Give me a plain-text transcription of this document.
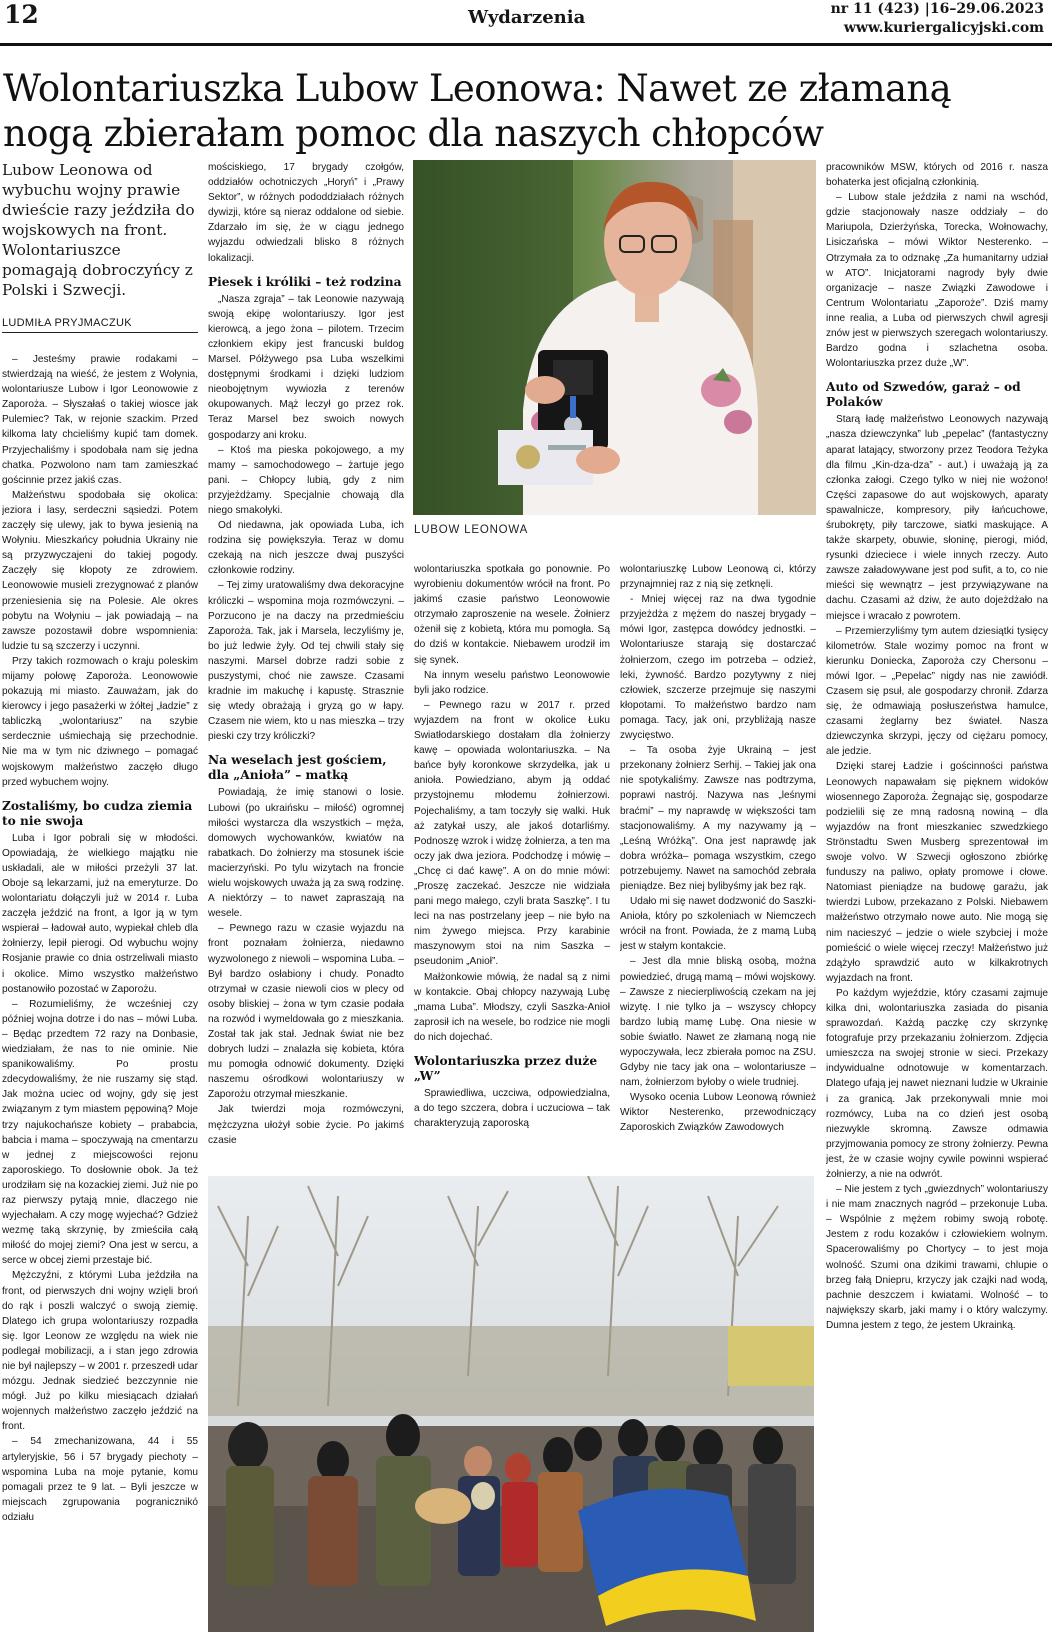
12	Wydarzenia	nr 11 (423) |16–29.06.2023
www.kuriergalicyjski.com
Wolontariuszka Lubow Leonowa: Nawet ze złamaną nogą zbierałam pomoc dla naszych chłopców

Lubow Leonowa od wybuchu wojny prawie dwieście razy jeździła do wojskowych na front. Wolontariuszce pomagają dobroczyńcy z Polski i Szwecji.

LUDMIŁA PRYJMACZUK

– Jesteśmy prawie rodakami – stwierdzają na wieść, że jestem z Wołynia, wolontariusze Lubow i Igor Leonowowie z Zaporoża. – Słyszałaś o takiej wiosce jak Pulemiec? Tak, w rejonie szackim. Przed kilkoma laty chcieliśmy kupić tam domek. Przyjechaliśmy i spodobała nam się jedna chatka. Pozwolono nam tam zamieszkać gościnnie przez jakiś czas.

Małżeństwu spodobała się okolica: jeziora i lasy, serdeczni sąsiedzi. Potem zaczęły się ulewy, jak to bywa jesienią na Wołyniu. Mieszkańcy południa Ukrainy nie są przyzwyczajeni do takiej pogody. Zaczęły się kłopoty ze zdrowiem. Leonowowie musieli zrezygnować z planów przeniesienia się na Polesie. Ale okres pobytu na Wołyniu – jak powiadają – na zawsze pozostawił dobre wspomnienia: ludzie tu są szczerzy i uczynni.

Przy takich rozmowach o kraju poleskim mijamy połowę Zaporoża. Leonowowie pokazują mi miasto. Zauważam, jak do kierowcy i jego pasażerki w żółtej „ładzie” z tabliczką „wolontariusz” na szybie serdecznie uśmiechają się przechodnie. Nie ma w tym nic dziwnego – pomagać wojskowym małżeństwo zaczęło długo przed wybuchem wojny.

Zostaliśmy, bo cudza ziemia to nie swoja

Luba i Igor pobrali się w młodości. Opowiadają, że wielkiego majątku nie uskładali, ale w miłości przeżyli 37 lat. Oboje są lekarzami, już na emeryturze. Do wolontariatu dołączyli już w 2014 r. Luba zaczęła jeździć na front, a Igor ją w tym wspierał – ładował auto, wypiekał chleb dla żołnierzy, lepił pierogi. Od wybuchu wojny Rosjanie prawie co dnia ostrzeliwali miasto i okolice. Mimo wszystko małżeństwo postanowiło pozostać w Zaporożu.

– Rozumieliśmy, że wcześniej czy później wojna dotrze i do nas – mówi Luba. – Będąc przedtem 72 razy na Donbasie, wiedziałam, że nas to nie ominie. Nie spanikowaliśmy. Po prostu zdecydowaliśmy, że nie ruszamy się stąd. Jak można uciec od wojny, gdy się jest związanym z tym miastem pępowiną? Moje trzy najukochańsze kobiety – prababcia, babcia i mama – spoczywają na cmentarzu w jednej z miejscowości rejonu zaporoskiego. To dosłownie obok. Ja też urodziłam się na kozackiej ziemi. Już nie po raz pierwszy pytają mnie, dlaczego nie wyjechałam. A czy mogę wyjechać? Gdzież wezmę taką skrzynię, by zmieściła całą miłość do mojej ziemi? Ona jest w sercu, a serce w obcej ziemi przestaje bić.

Mężczyźni, z którymi Luba jeździła na front, od pierwszych dni wojny wzięli broń do rąk i poszli walczyć o swoją ziemię. Dlatego ich grupa wolontariuszy rozpadła się. Igor Leonow ze względu na wiek nie podlegał mobilizacji, a i stan jego zdrowia nie był najlepszy – w 2001 r. przeszedł udar mózgu. Jednak siedzieć bezczynnie nie mógł. Już po kilku miesiącach działań wojennych małżeństwo zaczęło jeździć na front.

– 54 zmechanizowana, 44 i 55 artyleryjskie, 56 i 57 brygady piechoty – wspomina Luba na moje pytanie, komu pomagali przez te 9 lat. – Byli jeszcze w miejscach zgrupowania pogranicznikó odziału

mościskiego, 17 brygady czołgów, oddziałów ochotniczych „Horyń” i „Prawy Sektor”, w różnych pododdziałach różnych dywizji, które są nieraz oddalone od siebie. Zdarzało im się, że w ciągu jednego wyjazdu odwiedzali blisko 8 różnych lokalizacji.

Piesek i króliki – też rodzina

„Nasza zgraja” – tak Leonowie nazywają swoją ekipę wolontariuszy. Igor jest kierowcą, a jego żona – pilotem. Trzecim członkiem ekipy jest francuski buldog Marsel. Półżywego psa Luba wszelkimi dostępnymi środkami i dzięki ludziom nieobojętnym wywiozła z terenów okupowanych. Mąż leczył go przez rok. Teraz Marsel bez swoich nowych gospodarzy ani kroku.

– Ktoś ma pieska pokojowego, a my mamy – samochodowego – żartuje jego pani. – Chłopcy lubią, gdy z nim przyjeżdżamy. Specjalnie chowają dla niego smakołyki.

Od niedawna, jak opowiada Luba, ich rodzina się powiększyła. Teraz w domu czekają na nich jeszcze dwaj puszyści członkowie rodziny.

– Tej zimy uratowaliśmy dwa dekoracyjne króliczki – wspomina moja rozmówczyni. – Porzucono je na daczy na przedmieściu Zaporoża. Tak, jak i Marsela, leczyliśmy je, bo już ledwie żyły. Od tej chwili stały się naszymi. Marsel dobrze radzi sobie z puszystymi, choć nie zawsze. Czasami kradnie im makuchę i kapustę. Strasznie się wtedy obrażają i gryzą go w łapy. Czasem nie wiem, kto u nas mieszka – trzy pieski czy trzy króliczki?

Na weselach jest gościem, dla „Anioła” – matką

Powiadają, że imię stanowi o losie. Lubowi (po ukraińsku – miłość) ogromnej miłości wystarcza dla wszystkich – męża, domowych wychowanków, kwiatów na rabatkach. Do żołnierzy ma stosunek iście macierzyński. Po tylu wizytach na froncie wielu wojskowych uważa ją za swą rodzinę. A niektórzy – to nawet zapraszają na wesele.

– Pewnego razu w czasie wyjazdu na front poznałam żołnierza, niedawno wyzwolonego z niewoli – wspomina Luba. – Był bardzo osłabiony i chudy. Ponadto otrzymał w czasie niewoli cios w plecy od osoby bliskiej – żona w tym czasie podała na rozwód i wymeldowała go z mieszkania. Został tak jak stał. Jednak świat nie bez dobrych ludzi – znalazła się kobieta, która mu pomogła odnowić dokumenty. Dzięki naszemu ośrodkowi wolontariuszy w Zaporożu otrzymał mieszkanie.

Jak twierdzi moja rozmówczyni, mężczyzna ułożył sobie życie. Po jakimś czasie

LUBOW LEONOWA

wolontariuszka spotkała go ponownie. Po wyrobieniu dokumentów wrócił na front. Po jakimś czasie państwo Leonowowie otrzymało zaproszenie na wesele. Żołnierz ożenił się z kobietą, która mu pomogła. Są do dziś w kontakcie. Niebawem urodził im się synek.

Na innym weselu państwo Leonowowie byli jako rodzice.

– Pewnego razu w 2017 r. przed wyjazdem na front w okolice Łuku Swiatłodarskiego dostałam dla żołnierzy kawę – opowiada wolontariuszka. – Na bańce były koronkowe skrzydełka, jak u anioła. Powiedziano, abym ją oddać przystojnemu młodemu żołnierzowi. Pojechaliśmy, a tam toczyły się walki. Huk aż zatykał uszy, ale jakoś dotarliśmy. Podnoszę wzrok i widzę żołnierza, a ten ma oczy jak dwa jeziora. Podchodzę i mówię – „Chcę ci dać kawę”. A on do mnie mówi: „Proszę zaczekać. Jeszcze nie widziała pani mego małego, czyli brata Saszkę”. I tu leci na nas postrzelany jeep – nie było na nim żywego miejsca. Przy karabinie maszynowym stoi na nim Saszka – pseudonim „Anioł”.

Małżonkowie mówią, że nadal są z nimi w kontakcie. Obaj chłopcy nazywają Lubę „mama Luba”. Młodszy, czyli Saszka-Anioł zaprosił ich na wesele, bo rodzice nie mogli do nich dojechać.

Wolontariuszka przez duże „W”

Sprawiedliwa, uczciwa, odpowiedzialna, a do tego szczera, dobra i uczuciowa – tak charakteryzują zaporoską

wolontariuszkę Lubow Leonową ci, którzy przynajmniej raz z nią się zetknęli.

- Mniej więcej raz na dwa tygodnie przyjeżdża z mężem do naszej brygady – mówi Igor, zastępca dowódcy jednostki. – Wolontariusze starają się dostarczać żołnierzom, czego im potrzeba – odzież, leki, żywność. Bardzo pozytywny z niej człowiek, szczerze przejmuje się naszymi kłopotami. To małżeństwo bardzo nam pomaga. Tacy, jak oni, przybliżają nasze zwycięstwo.

– Ta osoba żyje Ukrainą – jest przekonany żołnierz Serhij. – Takiej jak ona nie spotykaliśmy. Zawsze nas podtrzyma, poprawi nastrój. Nazywa nas „leśnymi braćmi” – my naprawdę w większości tam stacjonowaliśmy. A my nazywamy ją – „Leśną Wróżką”. Ona jest naprawdę jak dobra wróżka– pomaga wszystkim, czego potrzebujemy. Nawet na samochód zebrała pieniądze. Bez niej bylibyśmy jak bez rąk.

Udało mi się nawet dodzwonić do Saszki-Anioła, który po szkoleniach w Niemczech wrócił na front. Powiada, że z mamą Lubą jest w stałym kontakcie.

– Jest dla mnie bliską osobą, można powiedzieć, drugą mamą – mówi wojskowy. – Zawsze z niecierpliwością czekam na jej wizytę. I nie tylko ja – wszyscy chłopcy bardzo lubią mamę Lubę. Ona niesie w sobie światło. Nawet ze złamaną nogą nie wypoczywała, lecz zbierała pomoc na ZSU. Gdyby nie tacy jak ona – wolontariusze – nam, żołnierzom byłoby o wiele trudniej.

Wysoko ocenia Lubow Leonową również Wiktor Nesterenko, przewodniczący Zaporoskich Związków Zawodowych

pracowników MSW, których od 2016 r. nasza bohaterka jest oficjalną członkinią.

– Lubow stale jeździła z nami na wschód, gdzie stacjonowały nasze oddziały – do Mariupola, Dzierżyńska, Torecka, Wołnowachy, Lisiczańska – mówi Wiktor Nesterenko. – Otrzymała za to odznakę „Za humanitarny udział w ATO”. Inicjatorami nagrody były dwie organizacje – nasze Związki Zawodowe i Centrum Wolontariatu „Zaporoże”. Dziś mamy inne realia, a Luba od pierwszych chwil agresji znów jest w pierwszych szeregach wolontariuszy. Bardzo godna i szlachetna osoba. Wolontariuszka przez duże „W”.

Auto od Szwedów, garaż – od Polaków

Starą ładę małżeństwo Leonowych nazywają „nasza dziewczynka” lub „pepelac” (fantastyczny aparat latający, stworzony przez Teodora Teżyka dla filmu „Kin-dza-dza” - aut.) i uważają ją za członka załogi. Czego tylko w niej nie wożono! Części zapasowe do aut wojskowych, aparaty spawalnicze, kompresory, piły łańcuchowe, śrubokręty, piły tarczowe, siatki maskujące. A także skarpety, obuwie, słoninę, pierogi, miód, rysunki dzieciece i wiele innych rzeczy. Auto zawsze załadowywane jest pod sufit, a to, co nie mieści się wewnątrz – jest przywiązywane na dachu. Czasami aż dziw, że auto dojeżdżało na miejsce i wracało z powrotem.

– Przemierzyliśmy tym autem dziesiątki tysięcy kilometrów. Stale wozimy pomoc na front w kierunku Doniecka, Zaporoża czy Chersonu – mówi Igor. – „Pepelac” nigdy nas nie zawiódł. Czasem się psuł, ale gospodarzy chronił. Zdarza się, że odmawiają posłuszeństwa hamulce, czasami żeglarny bez świateł. Nasza dziewczynka skrzypi, jęczy od ciężaru pomocy, ale jedzie.

Dzięki starej Ładzie i gościnności państwa Leonowych napawałam się pięknem widoków wiosennego Zaporoża. Żegnając się, gospodarze podzielili się ze mną radosną nowiną – dla wyjazdów na front mieszkaniec szwedzkiego Strönstadtu Swen Musberg sprezentował im swoje volvo. W Szwecji ogłoszono zbiórkę funduszy na paliwo, opłaty promowe i cłowe. Natomiast pieniądze na budowę garażu, jak twierdzi Lubow, przekazano z Polski. Niebawem małżeństwo otrzymało nowe auto. Nie mogą się nim nacieszyć – jedzie o wiele szybciej i może pomieścić o wiele więcej rzeczy! Małżeństwo już zdążyło sprawdzić auto w kilkakrotnych wyjazdach na front.

Po każdym wyjeździe, który czasami zajmuje kilka dni, wolontariuszka zasiada do pisania sprawozdań. Każdą paczkę czy skrzynkę fotografuje przy przekazaniu żołnierzom. Zdjęcia umieszcza na swojej stronie w sieci. Przekazy indywidualne odnotowuje w komentarzach. Dlatego ufają jej nawet nieznani ludzie w Ukrainie i za granicą. Jak przekonywali mnie moi rozmówcy, Luba na co dzień jest osobą niezwykle skromną. Zawsze odmawia przyjmowania pomocy ze strony żołnierzy. Pewna jest, że w czasie wojny cywile powinni wspierać żołnierzy, a nie na odwrót.

– Nie jestem z tych „gwiezdnych” wolontariuszy i nie mam znacznych nagród – przekonuje Luba. – Wspólnie z mężem robimy swoją robotę. Jestem z rodu kozaków i człowiekiem wolnym. Spacerowaliśmy po Chortycy – to jest moja wolność. Szumi ona dzikimi trawami, chlupie o brzeg fałą Dniepru, krzyczy jak czajki nad wodą, pachnie deszczem i kwiatami. Wolność – to największy skarb, jaki mamy i o który walczymy. Dumna jestem z tego, że jestem Ukrainką.
